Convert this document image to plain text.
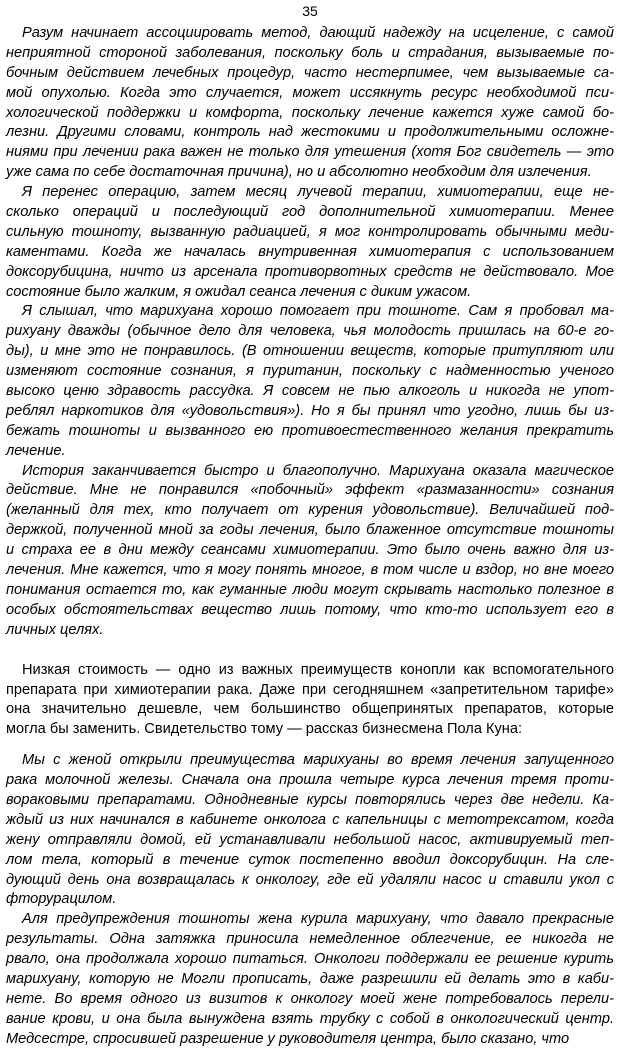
35
Разум начинает ассоциировать метод, дающий надежду на исцеление, с самой
неприятной стороной заболевания, поскольку боль и страдания, вызываемые по-
бочным действием лечебных процедур, часто нестерпимее, чем вызываемые са-
мой опухолью. Когда это случается, может иссякнуть ресурс необходимой пси-
хологической поддержки и комфорта, поскольку лечение кажется хуже самой бо-
лезни. Другими словами, контроль над жестокими и продолжительными осложне-
ниями при лечении рака важен не только для утешения (хотя Бог свидетель — это
уже сама по себе достаточная причина), но и абсолютно необходим для излечения.
Я перенес операцию, затем месяц лучевой терапии, химиотерапии, еще не-
сколько операций и последующий год дополнительной химиотерапии. Менее
сильную тошноту, вызванную радиацией, я мог контролировать обычными меди-
каментами. Когда же началась внутривенная химиотерапия с использованием
доксорубицина, ничто из арсенала противорвотных средств не действовало. Мое
состояние было жалким, я ожидал сеанса лечения с диким ужасом.
Я слышал, что марихуана хорошо помогает при тошноте. Сам я пробовал ма-
рихуану дважды (обычное дело для человека, чья молодость пришлась на 60-е го-
ды), и мне это не понравилось. (В отношении веществ, которые притупляют или
изменяют состояние сознания, я пуританин, поскольку с надменностью ученого
высоко ценю здравость рассудка. Я совсем не пью алкоголь и никогда не упот-
реблял наркотиков для «удовольствия»). Но я бы принял что угодно, лишь бы из-
бежать тошноты и вызванного ею противоестественного желания прекратить
лечение.
История заканчивается быстро и благополучно. Марихуана оказала магическое
действие. Мне не понравился «побочный» эффект «размазанности» сознания
(желанный для тех, кто получает от курения удовольствие). Величайшей под-
держкой, полученной мной за годы лечения, было блаженное отсутствие тошноты
и страха ее в дни между сеансами химиотерапии. Это было очень важно для из-
лечения. Мне кажется, что я могу понять многое, в том числе и вздор, но вне моего
понимания остается то, как гуманные люди могут скрывать настолько полезное в
особых обстоятельствах вещество лишь потому, что кто-то использует его в
личных целях.
Низкая стоимость — одно из важных преимуществ конопли как вспомогательного
препарата при химиотерапии рака. Даже при сегодняшнем «запретительном тарифе»
она значительно дешевле, чем большинство общепринятых препаратов, которые
могла бы заменить. Свидетельство тому — рассказ бизнесмена Пола Куна:
Мы с женой открыли преимущества марихуаны во время лечения запущенного
рака молочной железы. Сначала она прошла четыре курса лечения тремя проти-
вораковыми препаратами. Однодневные курсы повторялись через две недели. Ка-
ждый из них начинался в кабинете онколога с капельницы с метотрексатом, когда
жену отправляли домой, ей устанавливали небольшой насос, активируемый теп-
лом тела, который в течение суток постепенно вводил доксорубицин. На сле-
дующий день она возвращалась к онкологу, где ей удаляли насос и ставили укол с
фторурацилом.
Аля предупреждения тошноты жена курила марихуану, что давало прекрасные
результаты. Одна затяжка приносила немедленное облегчение, ее никогда не
рвало, она продолжала хорошо питаться. Онкологи поддержали ее решение курить
марихуану, которую не Могли прописать, даже разрешили ей делать это в каби-
нете. Во время одного из визитов к онкологу моей жене потребовалось перели-
вание крови, и она была вынуждена взять трубку с собой в онкологический центр.
Медсестре, спросившей разрешение у руководителя центра, было сказано, что
